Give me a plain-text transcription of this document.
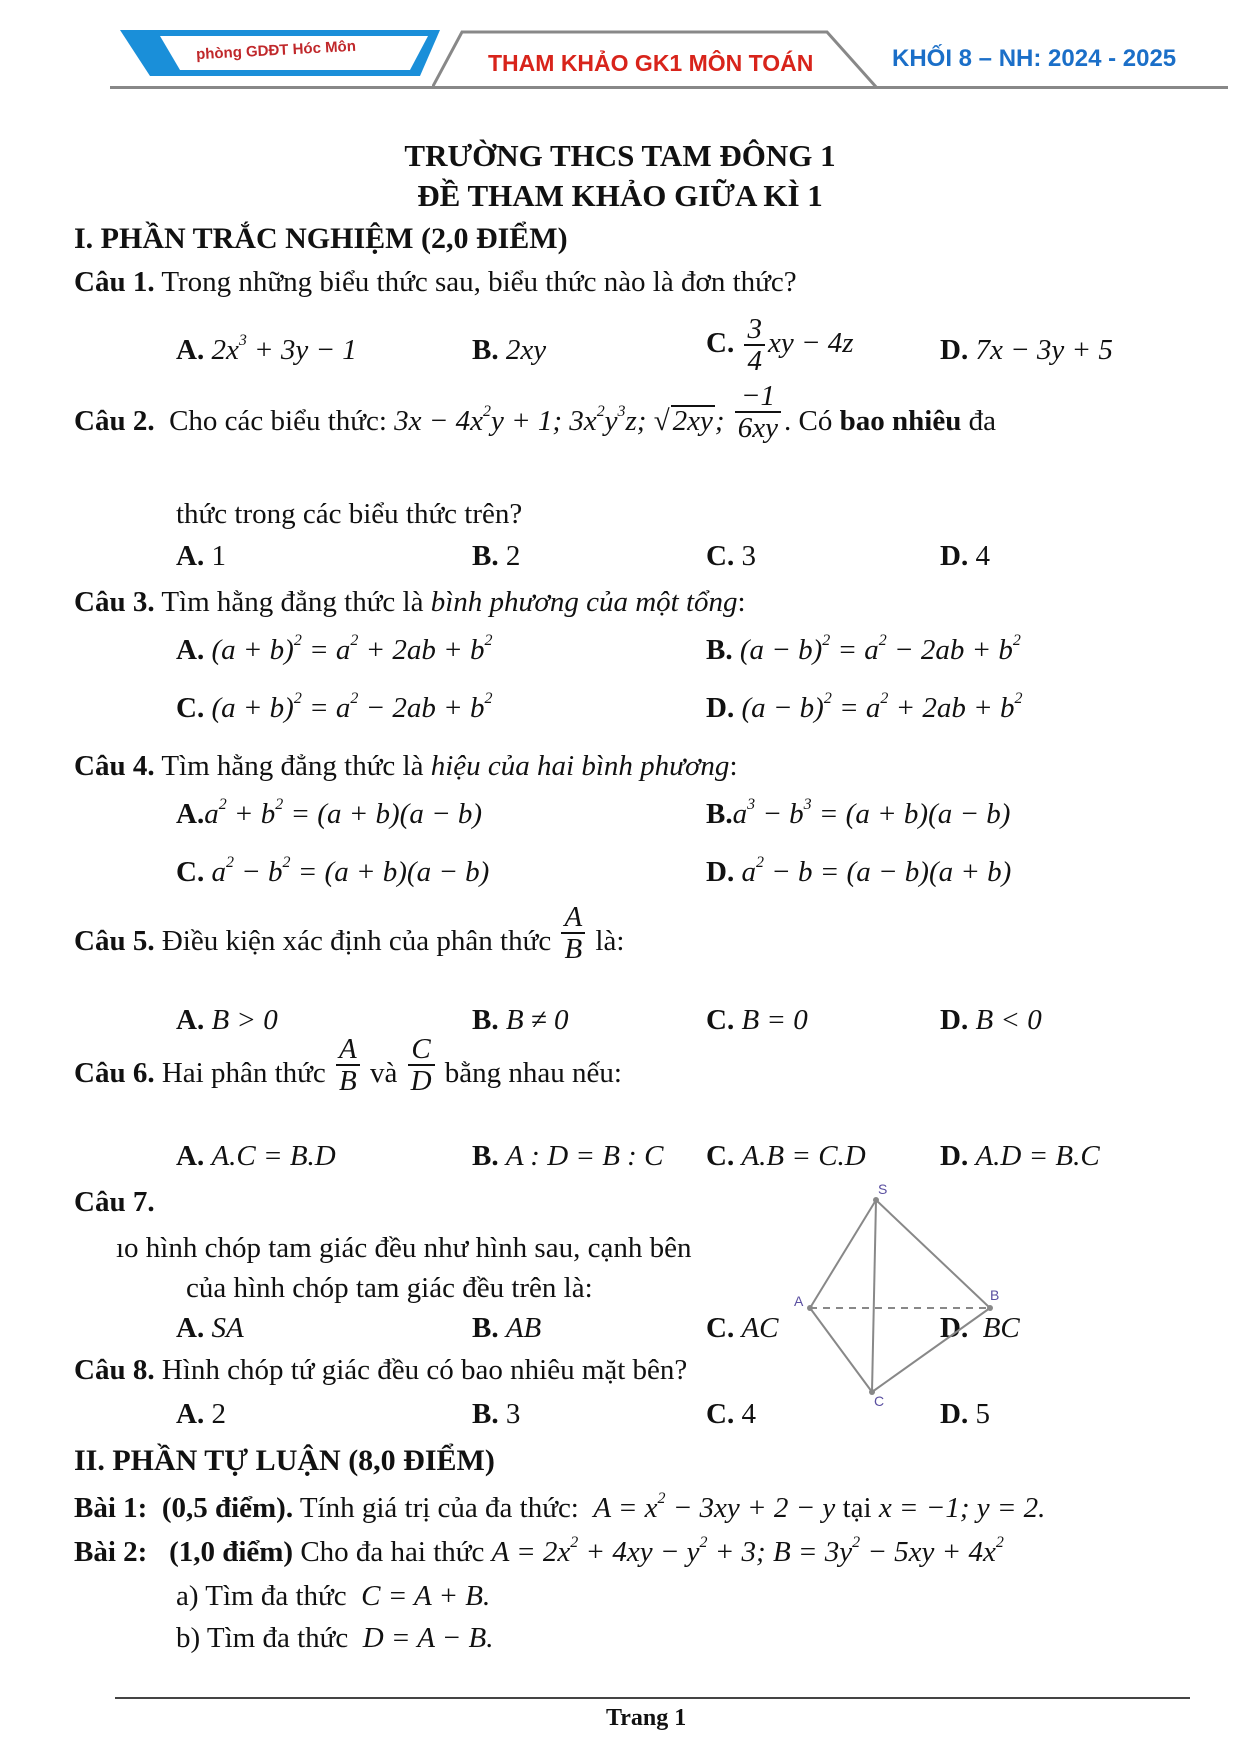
phòng GDĐT Hóc Môn	THAM KHẢO GK1 MÔN TOÁN	KHỐI 8 – NH: 2024 - 2025
TRƯỜNG THCS TAM ĐÔNG 1
ĐỀ THAM KHẢO GIỮA KÌ 1
I. PHẦN TRẮC NGHIỆM (2,0 ĐIỂM)
Câu 1. Trong những biểu thức sau, biểu thức nào là đơn thức?
A. $2x^3 + 3y - 1$	B. 2xy	C. $\frac{3}{4}$ xy − 4z	D. 7x − 3y + 5
Câu 2. Cho các biểu thức: $3x - 4x^2y + 1$; $3x^2y^3z$; √ 2xy; $\frac{-1}{6xy}$ . Có bao nhiêu đa
thức trong các biểu thức trên?
A. 1	B. 2	C. 3	D. 4
Câu 3. Tìm hằng đẳng thức là bình phương của một tổng:
A. $(a + b)^2 = a^2 + 2ab + b^2$	B. $(a - b)^2 = a^2 - 2ab + b^2$
C. $(a + b)^2 = a^2 - 2ab + b^2$	D. $(a - b)^2 = a^2 + 2ab + b^2$
Câu 4. Tìm hằng đẳng thức là hiệu của hai bình phương:
$A.a^2 + b^2 = (a + b)(a - b)$	$B.a^3 - b^3 = (a + b)(a - b)$
C. $a^2 - b^2 = (a + b)(a - b)$	D. $a^2 - b = (a - b)(a + b)$
Câu 5. Điều kiện xác định của phân thức $\frac{A}{B}$ là:
A. B > 0	B. B ≠ 0	C. B = 0	D. B < 0
Câu 6. Hai phân thức $\frac{A}{B}$ và $\frac{C}{D}$ bằng nhau nếu:
A. A.C = B.D	B. A : D = B : C C. A.B = C.D	D. A.D = B.C
Câu 7.
ıo hình chóp tam giác đều như hình sau, cạnh bên
của hình chóp tam giác đều trên là:
A. SA	B. AB	C. AC	D. BC
S
A	B
C
Câu 8. Hình chóp tứ giác đều có bao nhiêu mặt bên?
A. 2	B. 3	C. 4	D. 5
II. PHẦN TỰ LUẬN (8,0 ĐIỂM)
Bài 1: (0,5 điểm). Tính giá trị của đa thức:  $A = x^2 - 3xy + 2 - y$ tại x = −1; y = 2.
Bài 2: (1,0 điểm) Cho đa hai thức $A = 2x^2 + 4xy - y^2 + 3$; $B = 3y^2 - 5xy + 4x^2$
a) Tìm đa thức  C = A + B.
b) Tìm đa thức  D = A − B.
Trang 1
